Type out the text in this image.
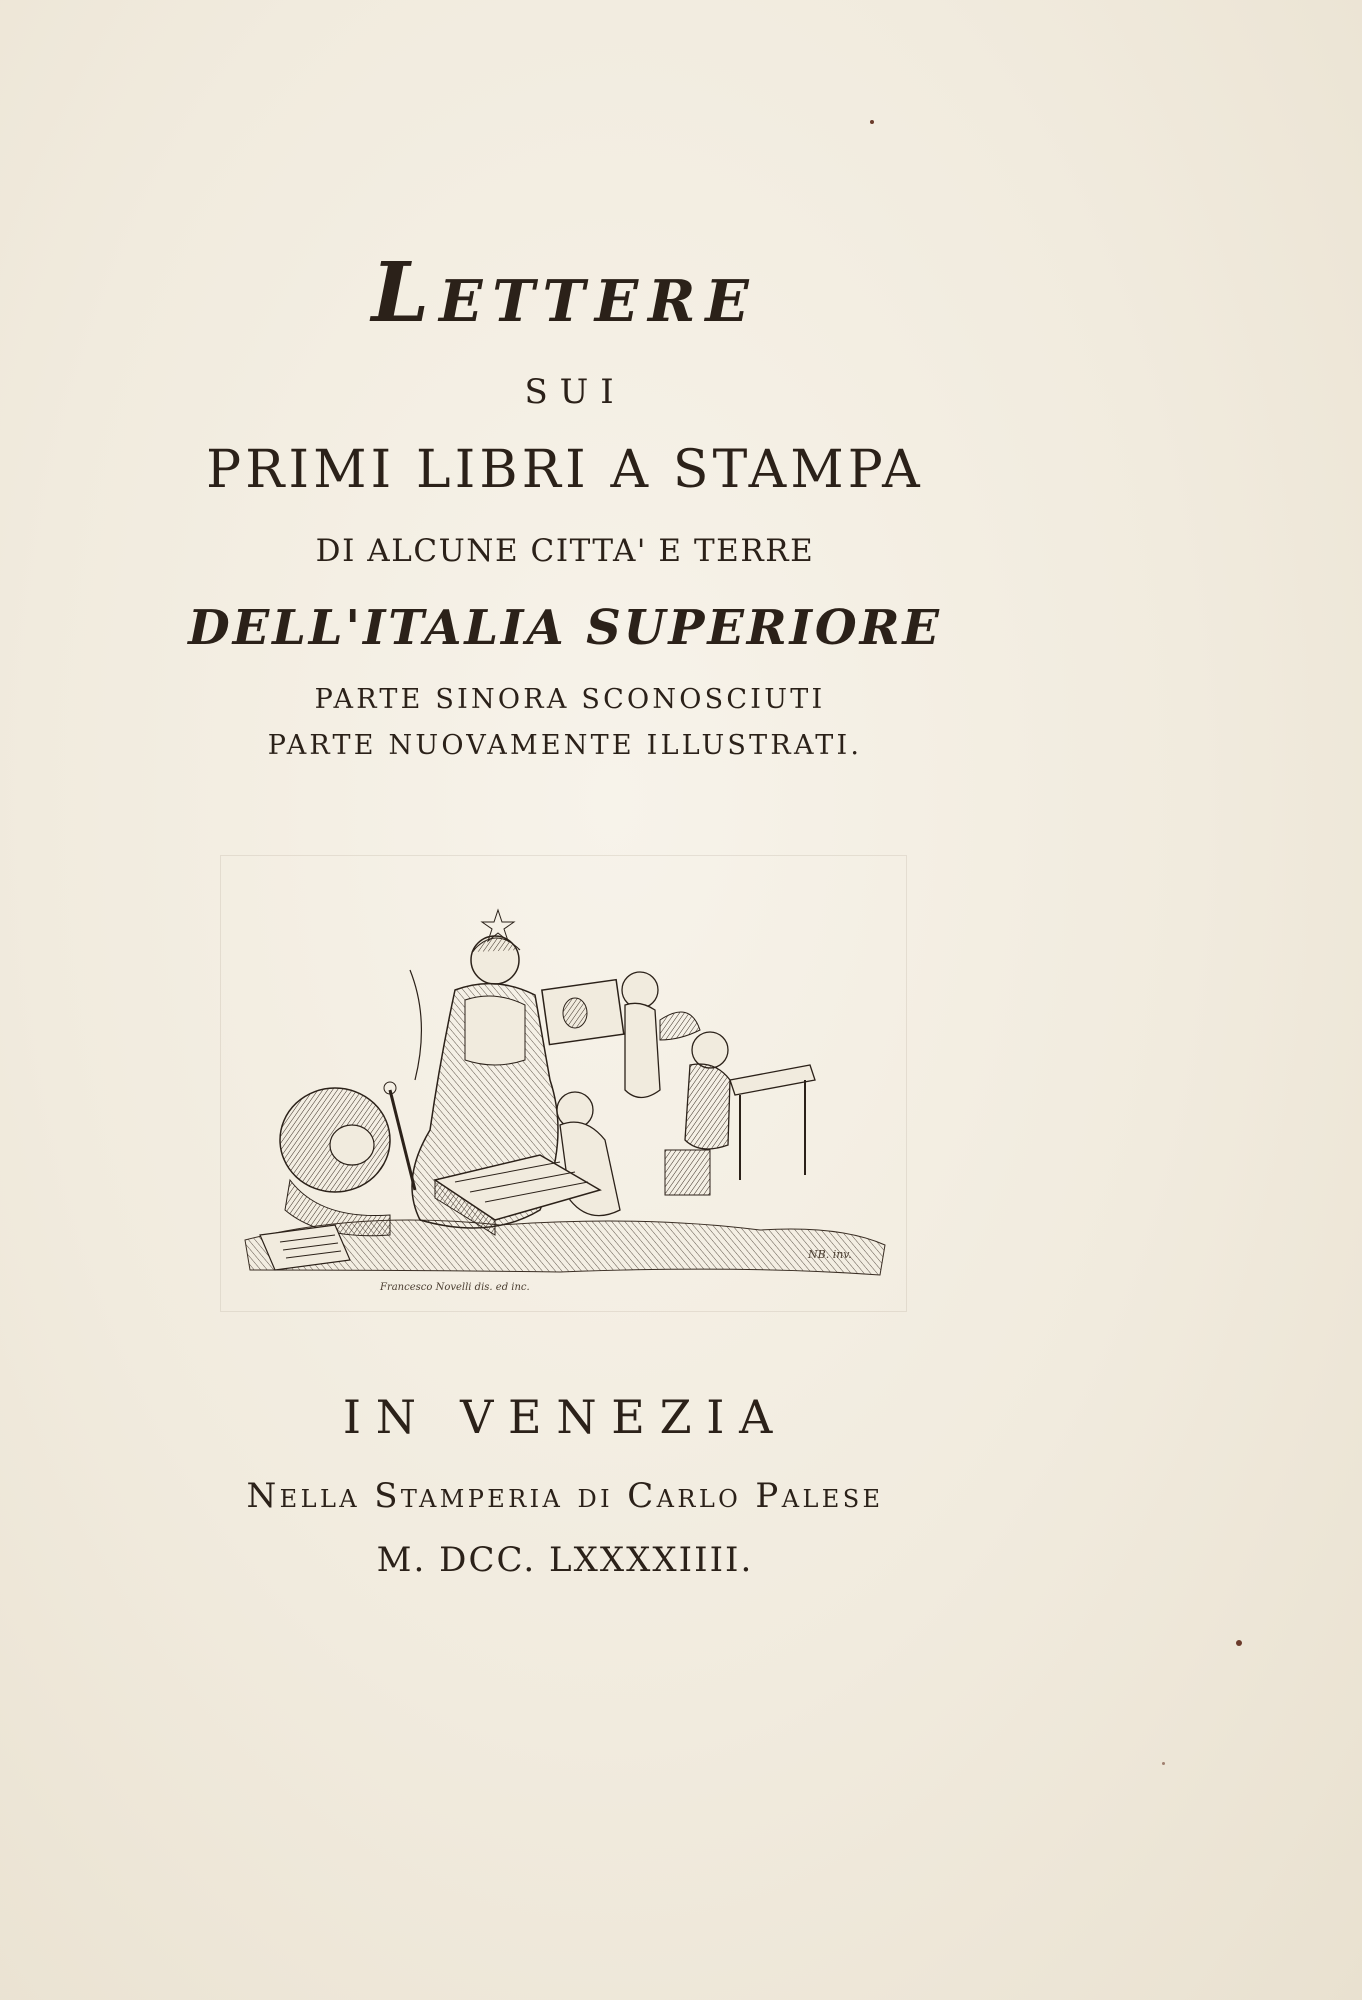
Lettere
SUI
PRIMI LIBRI A STAMPA
DI ALCUNE CITTA' E TERRE
DELL'ITALIA SUPERIORE
PARTE SINORA SCONOSCIUTI
PARTE NUOVAMENTE ILLUSTRATI.
Francesco Novelli dis. ed inc.
NB. inv.
IN VENEZIA
Nella Stamperia di Carlo Palese
M. DCC. LXXXXIIII.
